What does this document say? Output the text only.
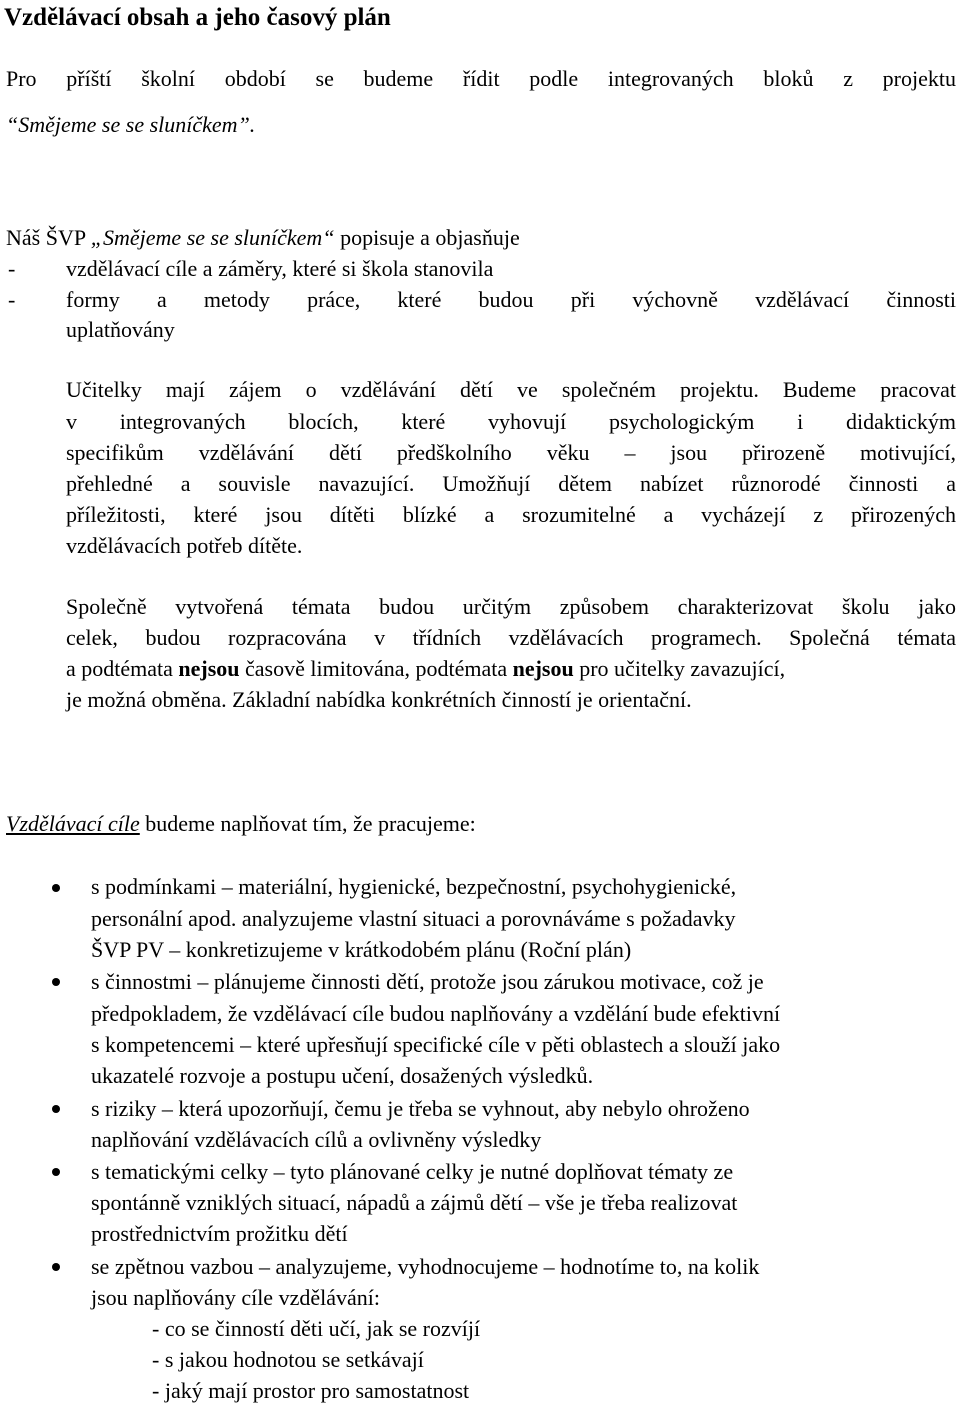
Vzdělávací obsah a jeho časový plán

Pro příští školní období se budeme řídit podle integrovaných bloků z projektu

“Smějeme se se sluníčkem”.

Náš ŠVP „Smějeme se se sluníčkem“ popisuje a objasňuje

- vzdělávací cíle a záměry, které si škola stanovila

- formy a metody práce, které budou při výchovně vzdělávací činnosti

uplatňovány

Učitelky mají zájem o vzdělávání dětí ve společném projektu. Budeme pracovat

v integrovaných blocích, které vyhovují psychologickým i didaktickým

specifikům vzdělávání dětí předškolního věku – jsou přirozeně motivující,

přehledné a souvisle navazující. Umožňují dětem nabízet různorodé činnosti a

příležitosti, které jsou dítěti blízké a srozumitelné a vycházejí z přirozených

vzdělávacích potřeb dítěte.

Společně vytvořená témata budou určitým způsobem charakterizovat školu jako

celek, budou rozpracována v třídních vzdělávacích programech. Společná témata

a podtémata nejsou časově limitována, podtémata nejsou pro učitelky zavazující,

je možná obměna. Základní nabídka konkrétních činností je orientační.

Vzdělávací cíle budeme naplňovat tím, že pracujeme:

s podmínkami – materiální, hygienické, bezpečnostní, psychohygienické,

personální apod. analyzujeme vlastní situaci a porovnáváme s požadavky

ŠVP PV – konkretizujeme v krátkodobém plánu (Roční plán)

s činnostmi – plánujeme činnosti dětí, protože jsou zárukou motivace, což je

předpokladem, že vzdělávací cíle budou naplňovány a vzdělání bude efektivní

s kompetencemi – které upřesňují specifické cíle v pěti oblastech a slouží jako

ukazatelé rozvoje a postupu učení, dosažených výsledků.

s riziky – která upozorňují, čemu je třeba se vyhnout, aby nebylo ohroženo

naplňování vzdělávacích cílů a ovlivněny výsledky

s tematickými celky – tyto plánované celky je nutné doplňovat tématy ze

spontánně vzniklých situací, nápadů a zájmů dětí – vše je třeba realizovat

prostřednictvím prožitku dětí

se zpětnou vazbou – analyzujeme, vyhodnocujeme – hodnotíme to, na kolik

jsou naplňovány cíle vzdělávání:

- co se činností děti učí, jak se rozvíjí

- s jakou hodnotou se setkávají

- jaký mají prostor pro samostatnost
